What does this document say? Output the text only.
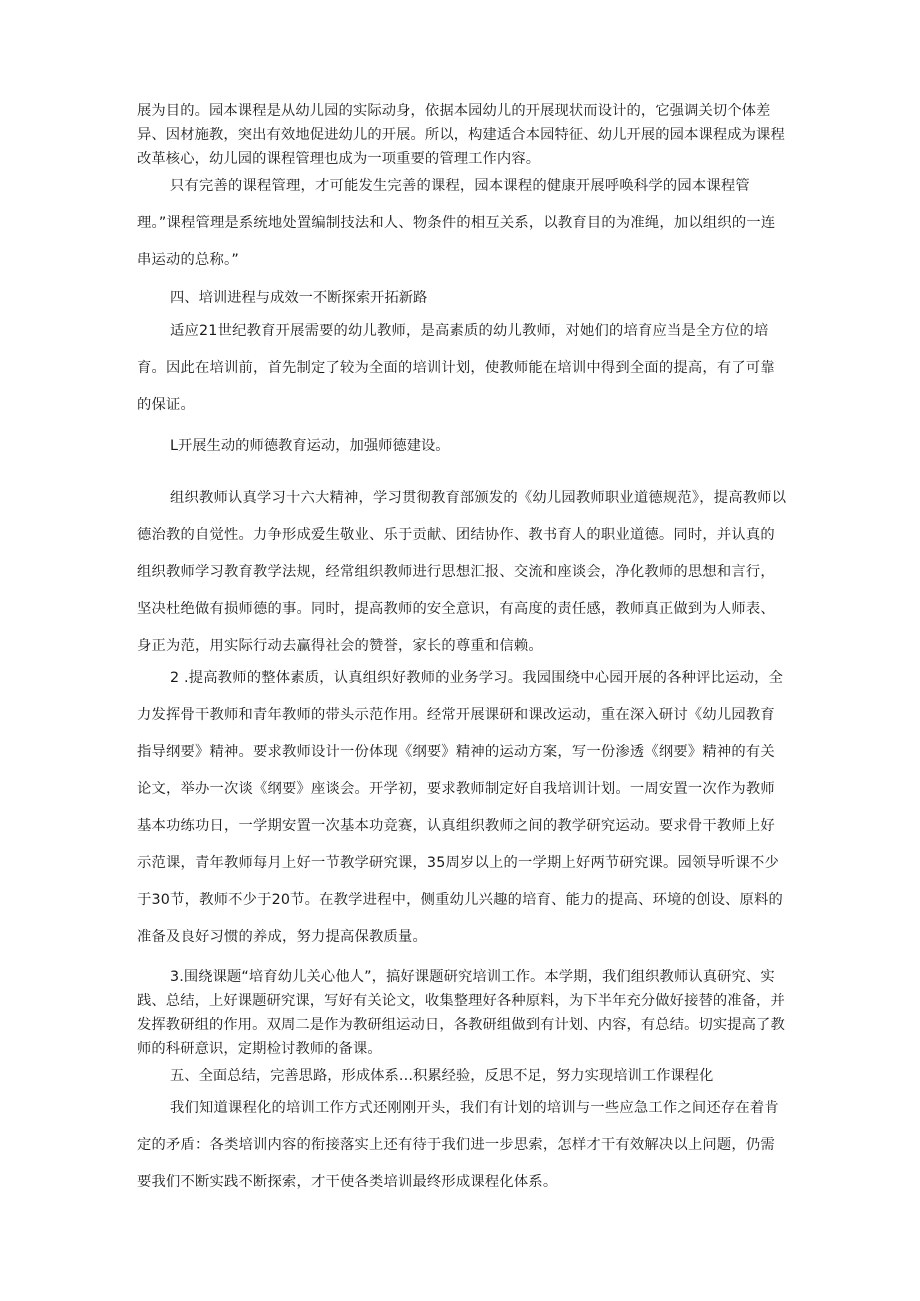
展为目的。园本课程是从幼儿园的实际动身，依据本园幼儿的开展现状而设计的，它强调关切个体差异、因材施教，突出有效地促进幼儿的开展。所以，构建适合本园特征、幼儿开展的园本课程成为课程改革核心，幼儿园的课程管理也成为一项重要的管理工作内容。

只有完善的课程管理，才可能发生完善的课程，园本课程的健康开展呼唤科学的园本课程管理。”课程管理是系统地处置编制技法和人、物条件的相互关系，以教育目的为准绳，加以组织的一连串运动的总称。”

四、培训进程与成效一不断探索开拓新路

适应21世纪教育开展需要的幼儿教师，是高素质的幼儿教师，对她们的培育应当是全方位的培育。因此在培训前，首先制定了较为全面的培训计划，使教师能在培训中得到全面的提高，有了可靠的保证。

L开展生动的师德教育运动，加强师德建设。

组织教师认真学习十六大精神，学习贯彻教育部颁发的《幼儿园教师职业道德规范》，提高教师以德治教的自觉性。力争形成爱生敬业、乐于贡献、团结协作、教书育人的职业道德。同时，并认真的组织教师学习教育教学法规，经常组织教师进行思想汇报、交流和座谈会，净化教师的思想和言行，坚决杜绝做有损师德的事。同时，提高教师的安全意识，有高度的责任感，教师真正做到为人师表、身正为范，用实际行动去赢得社会的赞誉，家长的尊重和信赖。

2 .提高教师的整体素质，认真组织好教师的业务学习。我园围绕中心园开展的各种评比运动，全力发挥骨干教师和青年教师的带头示范作用。经常开展课研和课改运动，重在深入研讨《幼儿园教育指导纲要》精神。要求教师设计一份体现《纲要》精神的运动方案，写一份渗透《纲要》精神的有关论文，举办一次谈《纲要》座谈会。开学初，要求教师制定好自我培训计划。一周安置一次作为教师基本功练功日，一学期安置一次基本功竞赛，认真组织教师之间的教学研究运动。要求骨干教师上好示范课，青年教师每月上好一节教学研究课，35周岁以上的一学期上好两节研究课。园领导听课不少于30节，教师不少于20节。在教学进程中，侧重幼儿兴趣的培育、能力的提高、环境的创设、原料的准备及良好习惯的养成，努力提高保教质量。

3.围绕课题“培育幼儿关心他人”，搞好课题研究培训工作。本学期，我们组织教师认真研究、实践、总结，上好课题研究课，写好有关论文，收集整理好各种原料，为下半年充分做好接替的准备，并发挥教研组的作用。双周二是作为教研组运动日，各教研组做到有计划、内容，有总结。切实提高了教师的科研意识，定期检讨教师的备课。

五、全面总结，完善思路，形成体系…积累经验，反思不足，努力实现培训工作课程化

我们知道课程化的培训工作方式还刚刚开头，我们有计划的培训与一些应急工作之间还存在着肯定的矛盾：各类培训内容的衔接落实上还有待于我们进一步思索，怎样才干有效解决以上问题，仍需要我们不断实践不断探索，才干使各类培训最终形成课程化体系。
